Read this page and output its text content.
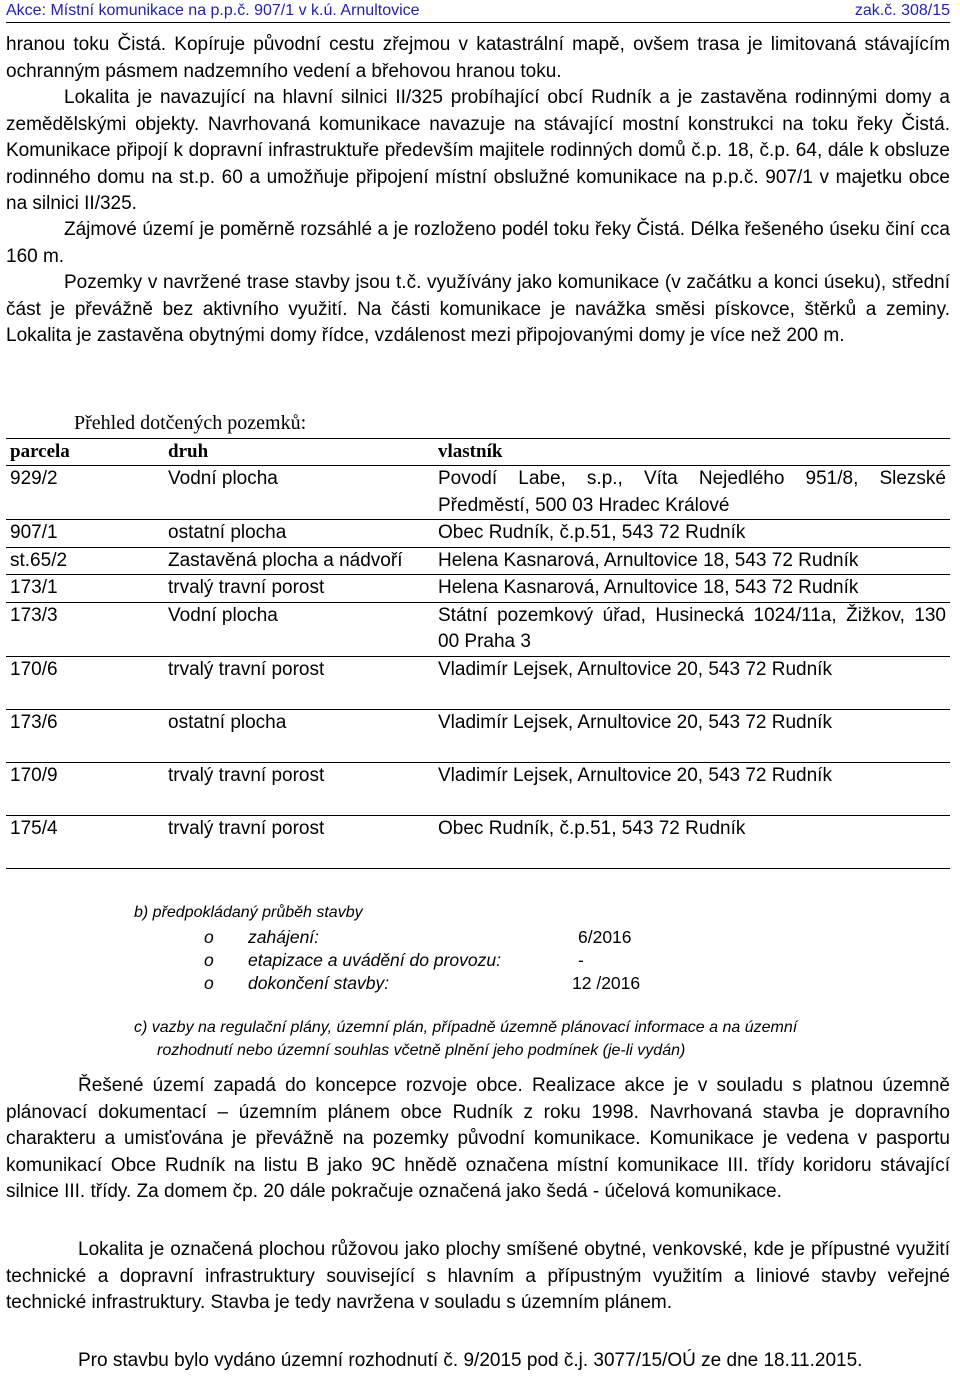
Akce: Místní komunikace na p.p.č. 907/1 v k.ú. Arnultovice	zak.č. 308/15

hranou toku Čistá. Kopíruje původní cestu zřejmou v katastrální mapě, ovšem trasa je limitovaná stávajícím ochranným pásmem nadzemního vedení a břehovou hranou toku.

Lokalita je navazující na hlavní silnici II/325 probíhající obcí Rudník a je zastavěna rodinnými domy a zemědělskými objekty. Navrhovaná komunikace navazuje na stávající mostní konstrukci na toku řeky Čistá. Komunikace připojí k dopravní infrastruktuře především majitele rodinných domů č.p. 18, č.p. 64, dále k obsluze rodinného domu na st.p. 60 a umožňuje připojení místní obslužné komunikace na p.p.č. 907/1 v majetku obce na silnici II/325.

Zájmové území je poměrně rozsáhlé a je rozloženo podél toku řeky Čistá. Délka řešeného úseku činí cca 160 m.

Pozemky v navržené trase stavby jsou t.č. využívány jako komunikace (v začátku a konci úseku), střední část je převážně bez aktivního využití. Na části komunikace je navážka směsi pískovce, štěrků a zeminy. Lokalita je zastavěna obytnými domy řídce, vzdálenost mezi připojovanými domy je více než 200 m.

Přehled dotčených pozemků:
parcela	druh	vlastník
929/2	Vodní plocha	Povodí Labe, s.p., Víta Nejedlého 951/8, Slezské Předměstí, 500 03 Hradec Králové
907/1	ostatní plocha	Obec Rudník, č.p.51, 543 72 Rudník
st.65/2	Zastavěná plocha a nádvoří	Helena Kasnarová, Arnultovice 18, 543 72 Rudník
173/1	trvalý travní porost	Helena Kasnarová, Arnultovice 18, 543 72 Rudník
173/3	Vodní plocha	Státní pozemkový úřad, Husinecká 1024/11a, Žižkov, 130 00 Praha 3
170/6	trvalý travní porost	Vladimír Lejsek, Arnultovice 20, 543 72 Rudník
173/6	ostatní plocha	Vladimír Lejsek, Arnultovice 20, 543 72 Rudník
170/9	trvalý travní porost	Vladimír Lejsek, Arnultovice 20, 543 72 Rudník
175/4	trvalý travní porost	Obec Rudník, č.p.51, 543 72 Rudník
b) předpokládaný průběh stavby
o zahájení:	6/2016
o etapizace a uvádění do provozu:	-
o dokončení stavby:	12 /2016
c) vazby na regulační plány, územní plán, případně územně plánovací informace a na územní
rozhodnutí nebo územní souhlas včetně plnění jeho podmínek (je-li vydán)

Řešené území zapadá do koncepce rozvoje obce. Realizace akce je v souladu s platnou územně plánovací dokumentací – územním plánem obce Rudník z roku 1998. Navrhovaná stavba je dopravního charakteru a umisťována je převážně na pozemky původní komunikace. Komunikace je vedena v pasportu komunikací Obce Rudník na listu B jako 9C hnědě označena místní komunikace III. třídy koridoru stávající silnice III. třídy. Za domem čp. 20 dále pokračuje označená jako šedá - účelová komunikace.

Lokalita je označená plochou růžovou jako plochy smíšené obytné, venkovské, kde je přípustné využití technické a dopravní infrastruktury související s hlavním a přípustným využitím a liniové stavby veřejné technické infrastruktury. Stavba je tedy navržena v souladu s územním plánem.

Pro stavbu bylo vydáno územní rozhodnutí č. 9/2015 pod č.j. 3077/15/OÚ ze dne 18.11.2015.
